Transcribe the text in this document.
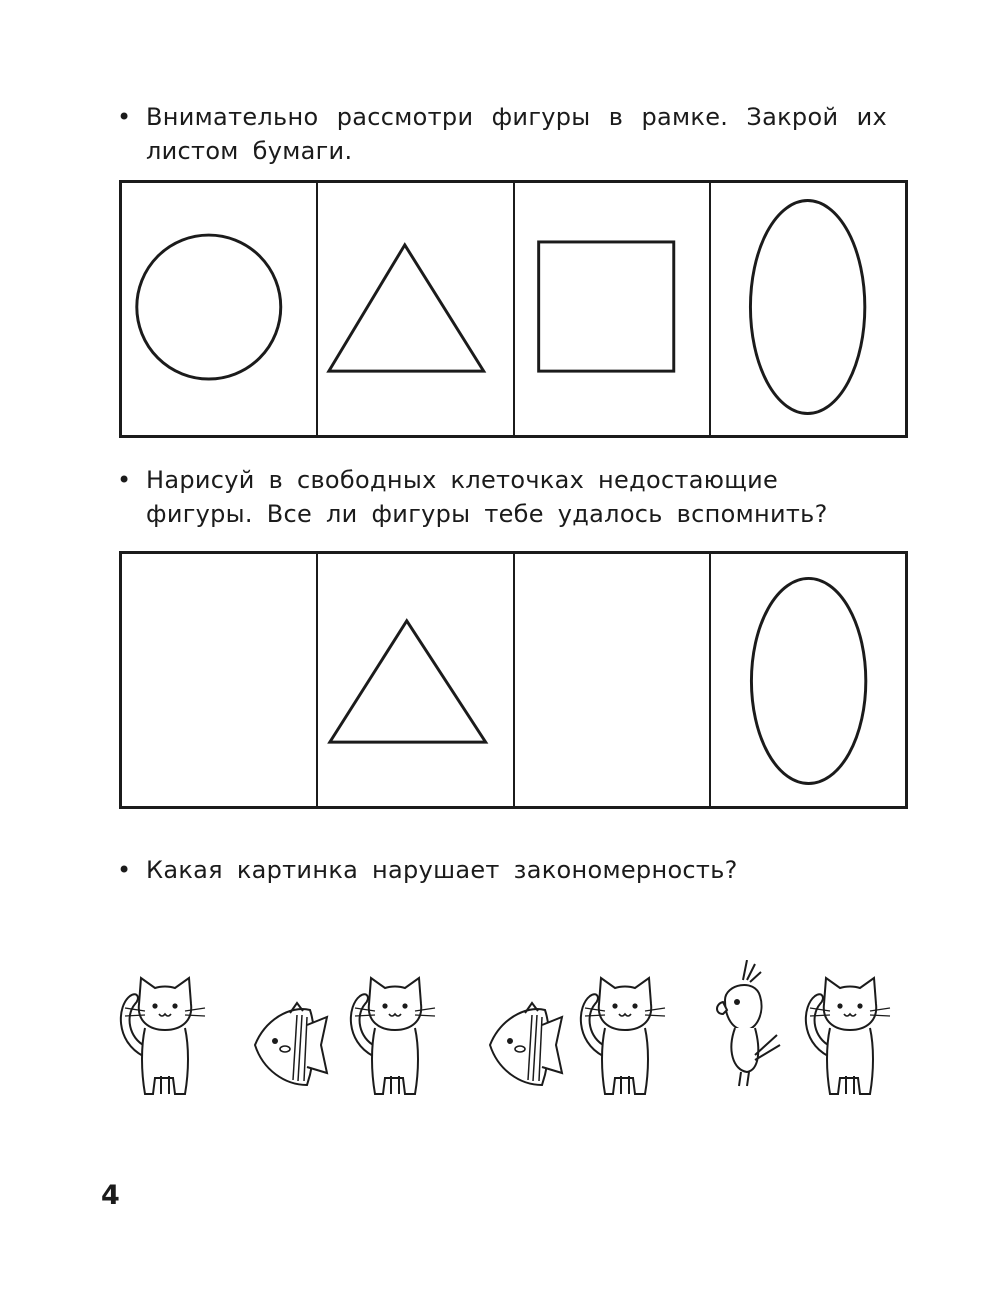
• Внимательно рассмотри фигуры в рамке. Закрой их
листом бумаги.
• Нарисуй в свободных клеточках недостающие
фигуры. Все ли фигуры тебе удалось вспомнить?
• Какая картинка нарушает закономерность?
4
